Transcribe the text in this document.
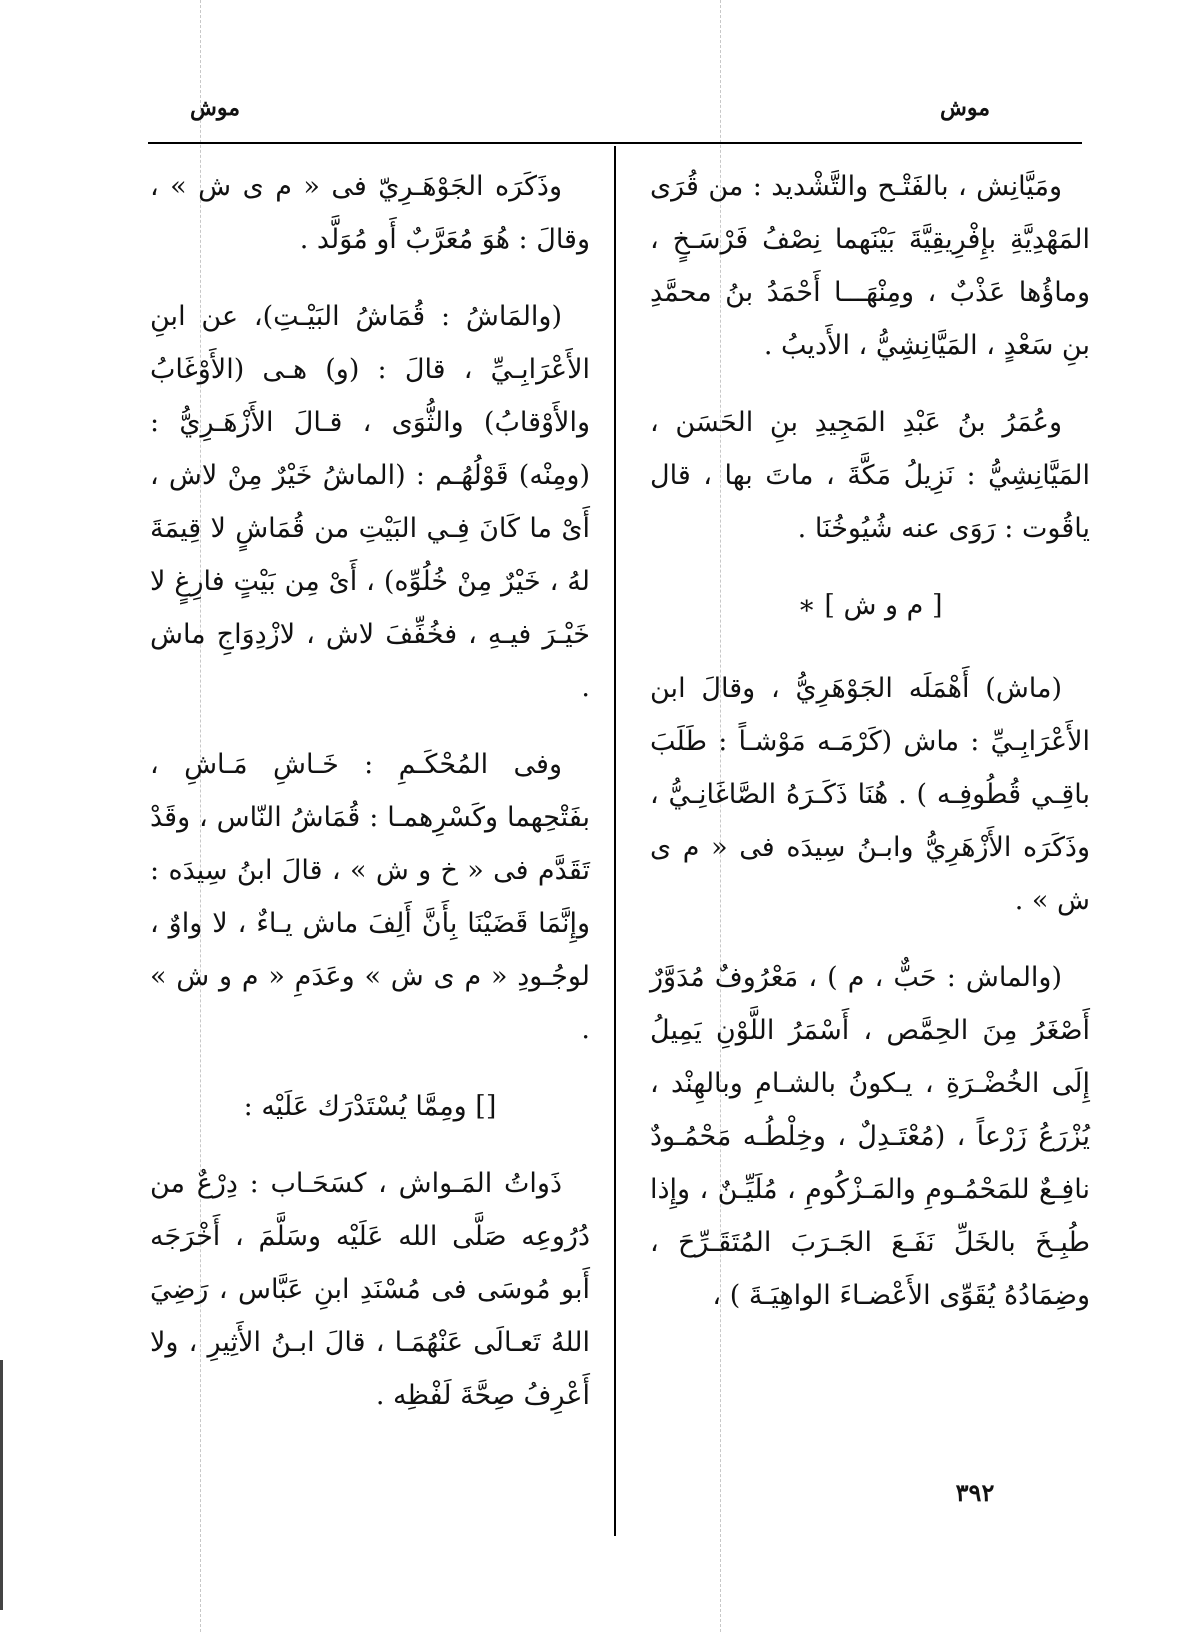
موش
موش

ومَيَّانِش ، بالفَتْـح والتَّشْديد : من قُرَى المَهْدِيَّةِ بإِفْرِيقِيَّةَ بَيْنَهما نِصْفُ فَرْسَـخٍ ، وماؤُها عَذْبٌ ، ومِنْهَـــا أَحْمَدُ بنُ محمَّدِ بنِ سَعْدٍ ، المَيَّانِشِيُّ ، الأَديبُ .

وعُمَرُ بنُ عَبْدِ المَجِيدِ بنِ الحَسَن ، المَيَّانِشِيُّ : نَزِيلُ مَكَّةَ ، ماتَ بها ، قال ياقُوت : رَوَى عنه شُيُوخُنَا .

[ م و ش ] ∗

(ماش) أَهْمَلَه الجَوْهَرِيُّ ، وقالَ ابن الأَعْرَابِـيِّ : ماش (كَرْمَـه مَوْشـاً : طَلَبَ باقِـي قُطُوفِـه ) . هُنَا ذَكَـرَهُ الصَّاغَانِـيُّ ، وذَكَرَه الأَزْهَرِيُّ وابـنُ سِيدَه فى « م ى ش » .

(والماش : حَبٌّ ، م ) ، مَعْرُوفٌ مُدَوَّرٌ أَصْغَرُ مِنَ الحِمَّص ، أَسْمَرُ اللَّوْنِ يَمِيلُ إِلَى الخُضْـرَةِ ، يـكونُ بالشـامِ وبالهِنْد ، يُزْرَعُ زَرْعاً ، (مُعْتَـدِلٌ ، وخِلْطُـه مَحْمُـودٌ نافِـعٌ للمَحْمُـومِ والمَـزْكُومِ ، مُلَيِّـنٌ ، وإِذا طُبِـخَ بالخَلِّ نَفَـعَ الجَـرَبَ المُتَقَـرِّحَ ، وضِمَادُهُ يُقَوِّى الأَعْضـاءَ الواهِيَـةَ ) ،

وذَكَرَه الجَوْهَـرِيّ فى « م ى ش » ، وقالَ : هُوَ مُعَرَّبٌ أَو مُوَلَّد .

(والمَاشُ : قُمَاشُ البَيْـتِ)، عن ابنِ الأَعْرَابِـيِّ ، قالَ : (و) هـى (الأَوْغَابُ والأَوْقابُ) والثُّوَى ، قـالَ الأَزْهَـرِيُّ : (ومِنْه) قَوْلُهُـم : (الماشُ خَيْرٌ مِنْ لاش ، أَىْ ما كَانَ فِـي البَيْتِ من قُمَاشٍ لا قِيمَةَ لهُ ، خَيْرٌ مِنْ خُلُوِّه) ، أَىْ مِن بَيْتٍ فارِغٍ لا خَيْـرَ فيـهِ ، فخُفِّفَ لاش ، لازْدِوَاجِ ماش .

وفى المُحْكَـمِ : خَـاشِ مَـاشِ ، بفَتْحِهما وكَسْرِهمـا : قُمَاشُ النّاس ، وقَدْ تَقَدَّم فى « خ و ش » ، قالَ ابنُ سِيدَه : وإِنَّمَا قَضَيْنَا بِأَنَّ أَلِفَ ماش يـاءٌ ، لا واوٌ ، لوجُـودِ « م ى ش » وعَدَمِ « م و ش » .

[] ومِمَّا يُسْتَدْرَك عَلَيْه :

ذَواتُ المَـواش ، كسَحَـاب : دِرْعٌ من دُرُوعِه صَلَّى الله عَلَيْه وسَلَّمَ ، أَخْرَجَه أَبو مُوسَى فى مُسْنَدِ ابنِ عَبَّاس ، رَضِيَ اللهُ تَعـالَى عَنْهُمَـا ، قالَ ابـنُ الأَثِيرِ ، ولا أَعْرِفُ صِحَّةَ لَفْظِه .

٣٩٢
